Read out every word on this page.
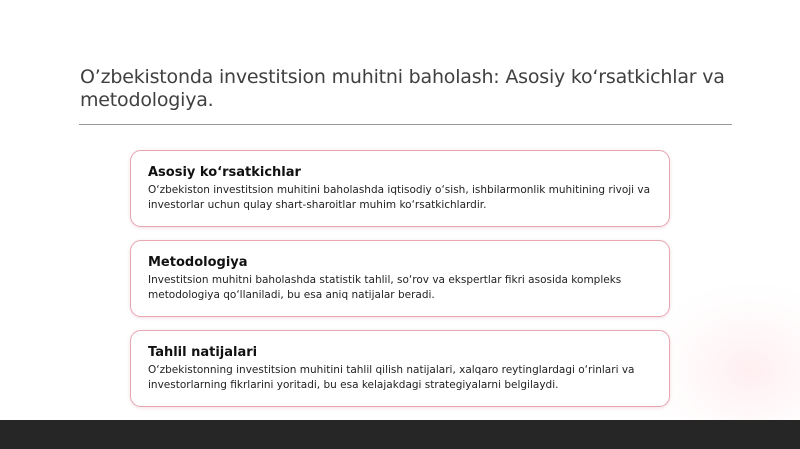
O’zbekistonda investitsion muhitni baholash: Asosiy ko‘rsatkichlar va metodologiya.
Asosiy ko‘rsatkichlar

O‘zbekiston investitsion muhitini baholashda iqtisodiy o‘sish, ishbilarmonlik muhitining rivoji va investorlar uchun qulay shart-sharoitlar muhim ko‘rsatkichlardir.

Metodologiya

Investitsion muhitni baholashda statistik tahlil, so‘rov va ekspertlar fikri asosida kompleks metodologiya qo‘llaniladi, bu esa aniq natijalar beradi.

Tahlil natijalari

O‘zbekistonning investitsion muhitini tahlil qilish natijalari, xalqaro reytinglardagi o‘rinlari va investorlarning fikrlarini yoritadi, bu esa kelajakdagi strategiyalarni belgilaydi.
